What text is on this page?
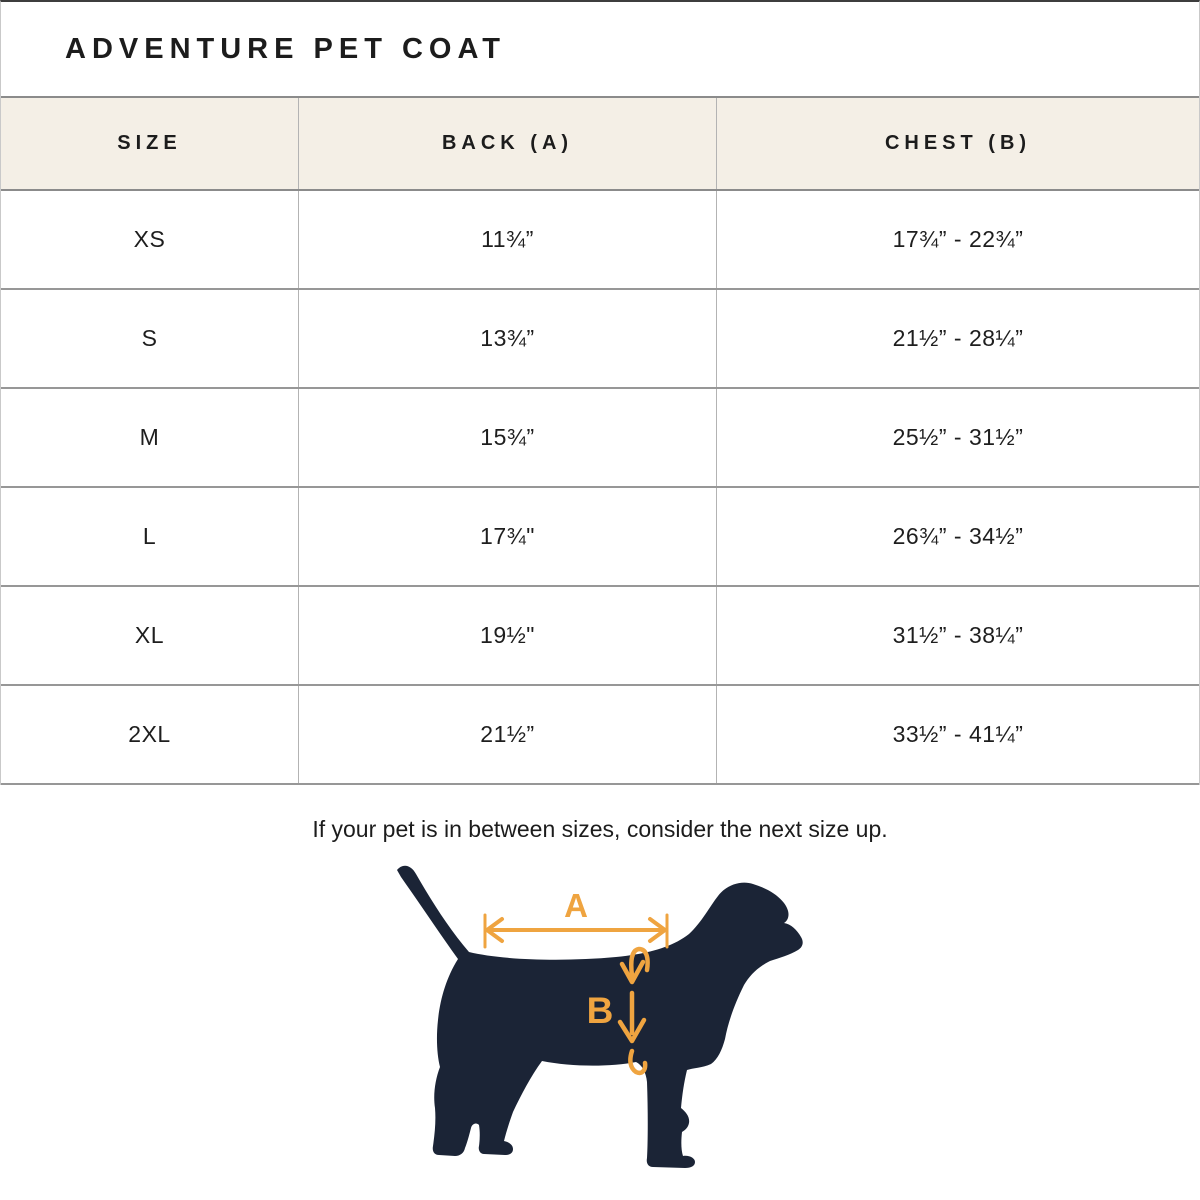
ADVENTURE PET COAT
SIZE	BACK (A)	CHEST (B)
XS	11¾”	17¾” - 22¾”
S	13¾”	21½” - 28¼”
M	15¾”	25½” - 31½”
L	17¾"	26¾” - 34½”
XL	19½"	31½” - 38¼”
2XL	21½”	33½” - 41¼”

If your pet is in between sizes, consider the next size up.

A
B
